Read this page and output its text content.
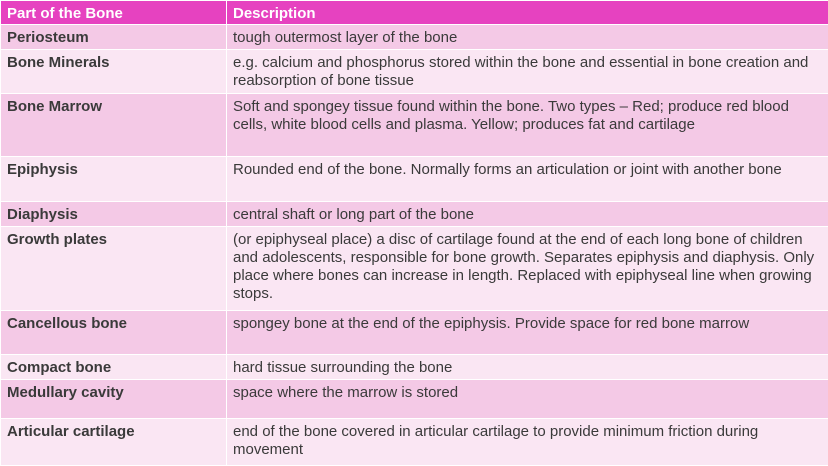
Part of the Bone	Description
Periosteum	tough outermost layer of the bone
Bone Minerals	e.g. calcium and phosphorus stored within the bone and essential in bone creation and reabsorption of bone tissue
Bone Marrow	Soft and spongey tissue found within the bone. Two types – Red; produce red blood cells, white blood cells and plasma. Yellow; produces fat and cartilage
Epiphysis	Rounded end of the bone. Normally forms an articulation or joint with another bone
Diaphysis	central shaft or long part of the bone
Growth plates	(or epiphyseal place) a disc of cartilage found at the end of each long bone of children and adolescents, responsible for bone growth. Separates epiphysis and diaphysis. Only place where bones can increase in length. Replaced with epiphyseal line when growing stops.
Cancellous bone	spongey bone at the end of the epiphysis. Provide space for red bone marrow
Compact bone	hard tissue surrounding the bone
Medullary cavity	space where the marrow is stored
Articular cartilage	end of the bone covered in articular cartilage to provide minimum friction during movement
